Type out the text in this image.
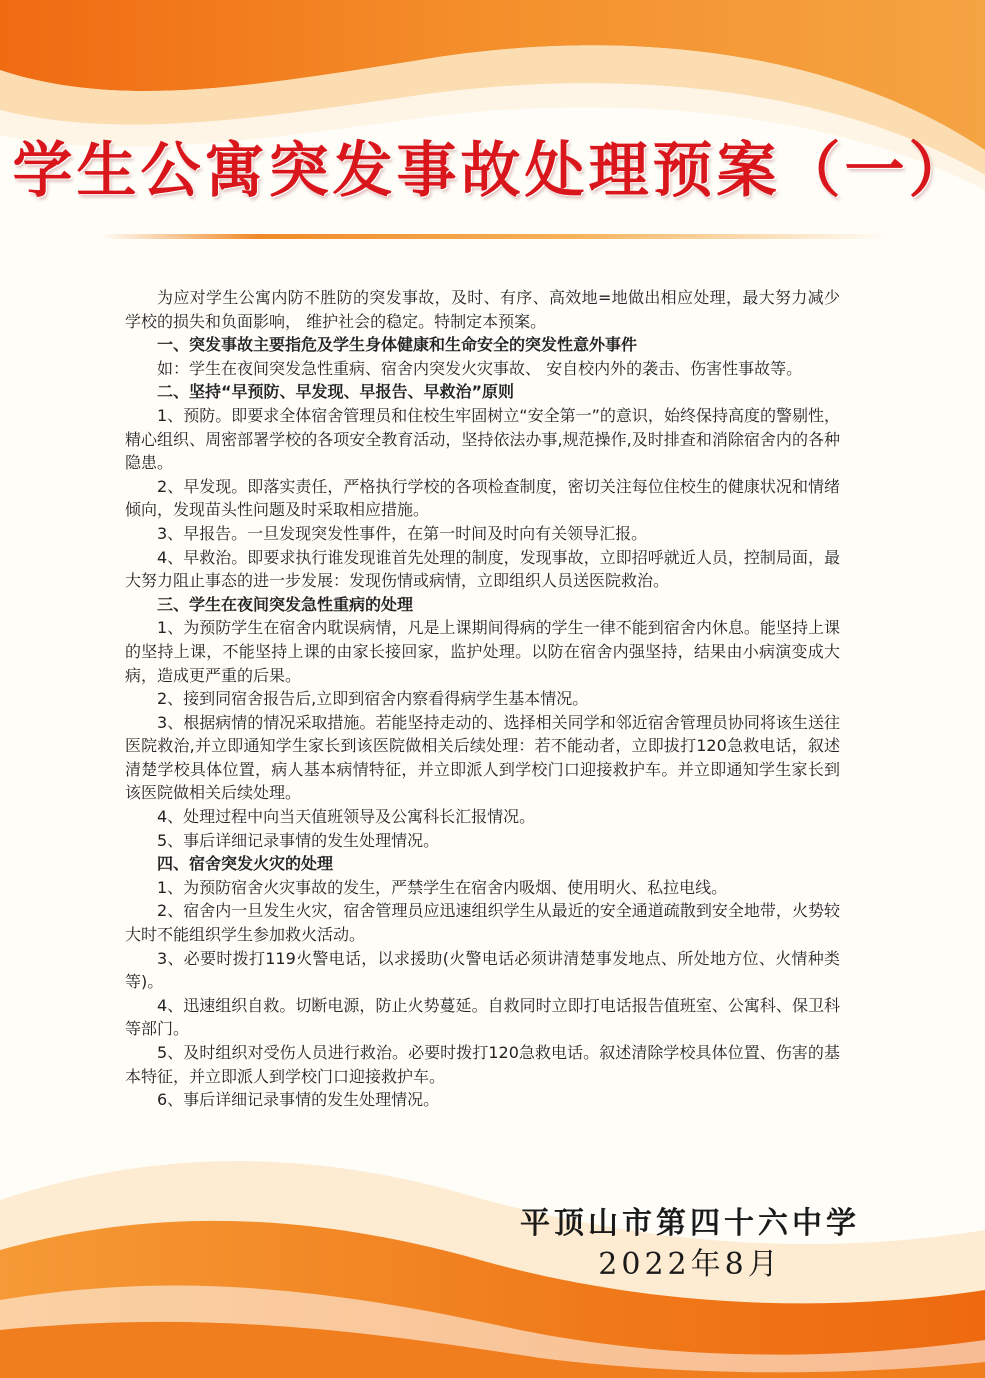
学生公寓突发事故处理预案（一）

为应对学生公寓内防不胜防的突发事故，及时、有序、高效地=地做出相应处理，最大努力减少学校的损失和负面影响， 维护社会的稳定。特制定本预案。

一、突发事故主要指危及学生身体健康和生命安全的突发性意外事件

如：学生在夜间突发急性重病、宿舍内突发火灾事故、 安自校内外的袭击、伤害性事故等。

二、坚持“早预防、早发现、早报告、早救治”原则

1、预防。即要求全体宿舍管理员和住校生牢固树立“安全第一”的意识，始终保持高度的警剔性，精心组织、周密部署学校的各项安全教育活动，坚持依法办事,规范操作,及时排查和消除宿舍内的各种隐患。

2、早发现。即落实责任，严格执行学校的各项检查制度，密切关注每位住校生的健康状况和情绪倾向，发现苗头性问题及时采取相应措施。

3、早报告。一旦发现突发性事件，在第一时间及时向有关领导汇报。

4、早救治。即要求执行谁发现谁首先处理的制度，发现事故，立即招呼就近人员，控制局面，最大努力阻止事态的进一步发展：发现伤情或病情，立即组织人员送医院救治。

三、学生在夜间突发急性重病的处理

1、为预防学生在宿舍内耽误病情，凡是上课期间得病的学生一律不能到宿舍内休息。能坚持上课的坚持上课，不能坚持上课的由家长接回家，监护处理。以防在宿舍内强坚持，结果由小病演变成大病，造成更严重的后果。

2、接到同宿舍报告后,立即到宿舍内察看得病学生基本情况。

3、根据病情的情况采取措施。若能坚持走动的、选择相关同学和邻近宿舍管理员协同将该生送往医院救治,并立即通知学生家长到该医院做相关后续处理：若不能动者，立即拔打120急救电话，叙述清楚学校具体位置，病人基本病情特征，并立即派人到学校门口迎接救护车。并立即通知学生家长到该医院做相关后续处理。

4、处理过程中向当天值班领导及公寓科长汇报情况。

5、事后详细记录事情的发生处理情况。

四、宿舍突发火灾的处理

1、为预防宿舍火灾事故的发生，严禁学生在宿舍内吸烟、使用明火、私拉电线。

2、宿舍内一旦发生火灾，宿舍管理员应迅速组织学生从最近的安全通道疏散到安全地带，火势较大时不能组织学生参加救火活动。

3、必要时拨打119火警电话，以求援助(火警电话必须讲清楚事发地点、所处地方位、火情种类等)。

4、迅速组织自救。切断电源，防止火势蔓延。自救同时立即打电话报告值班室、公寓科、保卫科等部门。

5、及时组织对受伤人员进行救治。必要时拨打120急救电话。叙述清除学校具体位置、伤害的基本特征，并立即派人到学校门口迎接救护车。

6、事后详细记录事情的发生处理情况。

平顶山市第四十六中学
2022年8月
